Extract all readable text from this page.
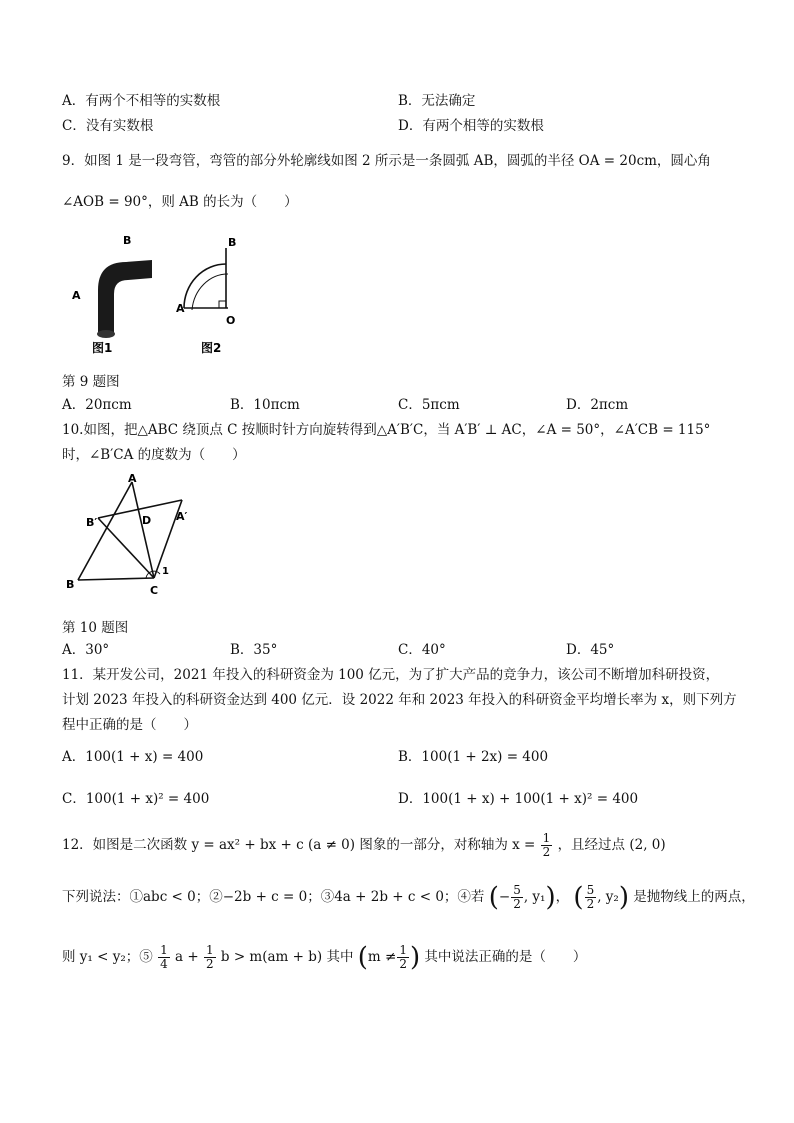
A．有两个不相等的实数根	B．无法确定
C．没有实数根	D．有两个相等的实数根
9．如图 1 是一段弯管，弯管的部分外轮廓线如图 2 所示是一条圆弧 AB，圆弧的半径 OA = 20cm，圆心角
∠AOB = 90°，则 AB 的长为（　　）
B
A
图1
B
A
O
图2
第 9 题图
A．20πcm	B．10πcm	C．5πcm	D．2πcm
10.如图，把△ABC 绕顶点 C 按顺时针方向旋转得到△A′B′C，当 A′B′ ⊥ AC，∠A = 50°，∠A′CB = 115°
时，∠B′CA 的度数为（　　）
A
B′	D A′
B	C
1
第 10 题图
A．30°	B．35°	C．40°	D．45°
11．某开发公司，2021 年投入的科研资金为 100 亿元，为了扩大产品的竞争力，该公司不断增加科研投资，
计划 2023 年投入的科研资金达到 400 亿元．设 2022 年和 2023 年投入的科研资金平均增长率为 x，则下列方
程中正确的是（　　）
A．100(1 + x) = 400	B．100(1 + 2x) = 400
C．100(1 + x)² = 400	D．100(1 + x) + 100(1 + x)² = 400
12．如图是二次函数 y = ax² + bx + c (a ≠ 0) 图象的一部分，对称轴为 $x = \frac{1}{2}$ ，且经过点 (2, 0)
下列说法：①abc < 0；②−2b + c = 0；③4a + 2b + c < 0；④若 (− $\frac{5}{2}$ , y₁)， ( $\frac{5}{2}$ , y₂) 是抛物线上的两点，
则 y₁ < y₂；⑤ $\frac{1}{4}$ $a + \frac{1}{2}$ b > m(am + b) 其中 ($m \ne \frac{1}{2}$ ) 其中说法正确的是（　　）
